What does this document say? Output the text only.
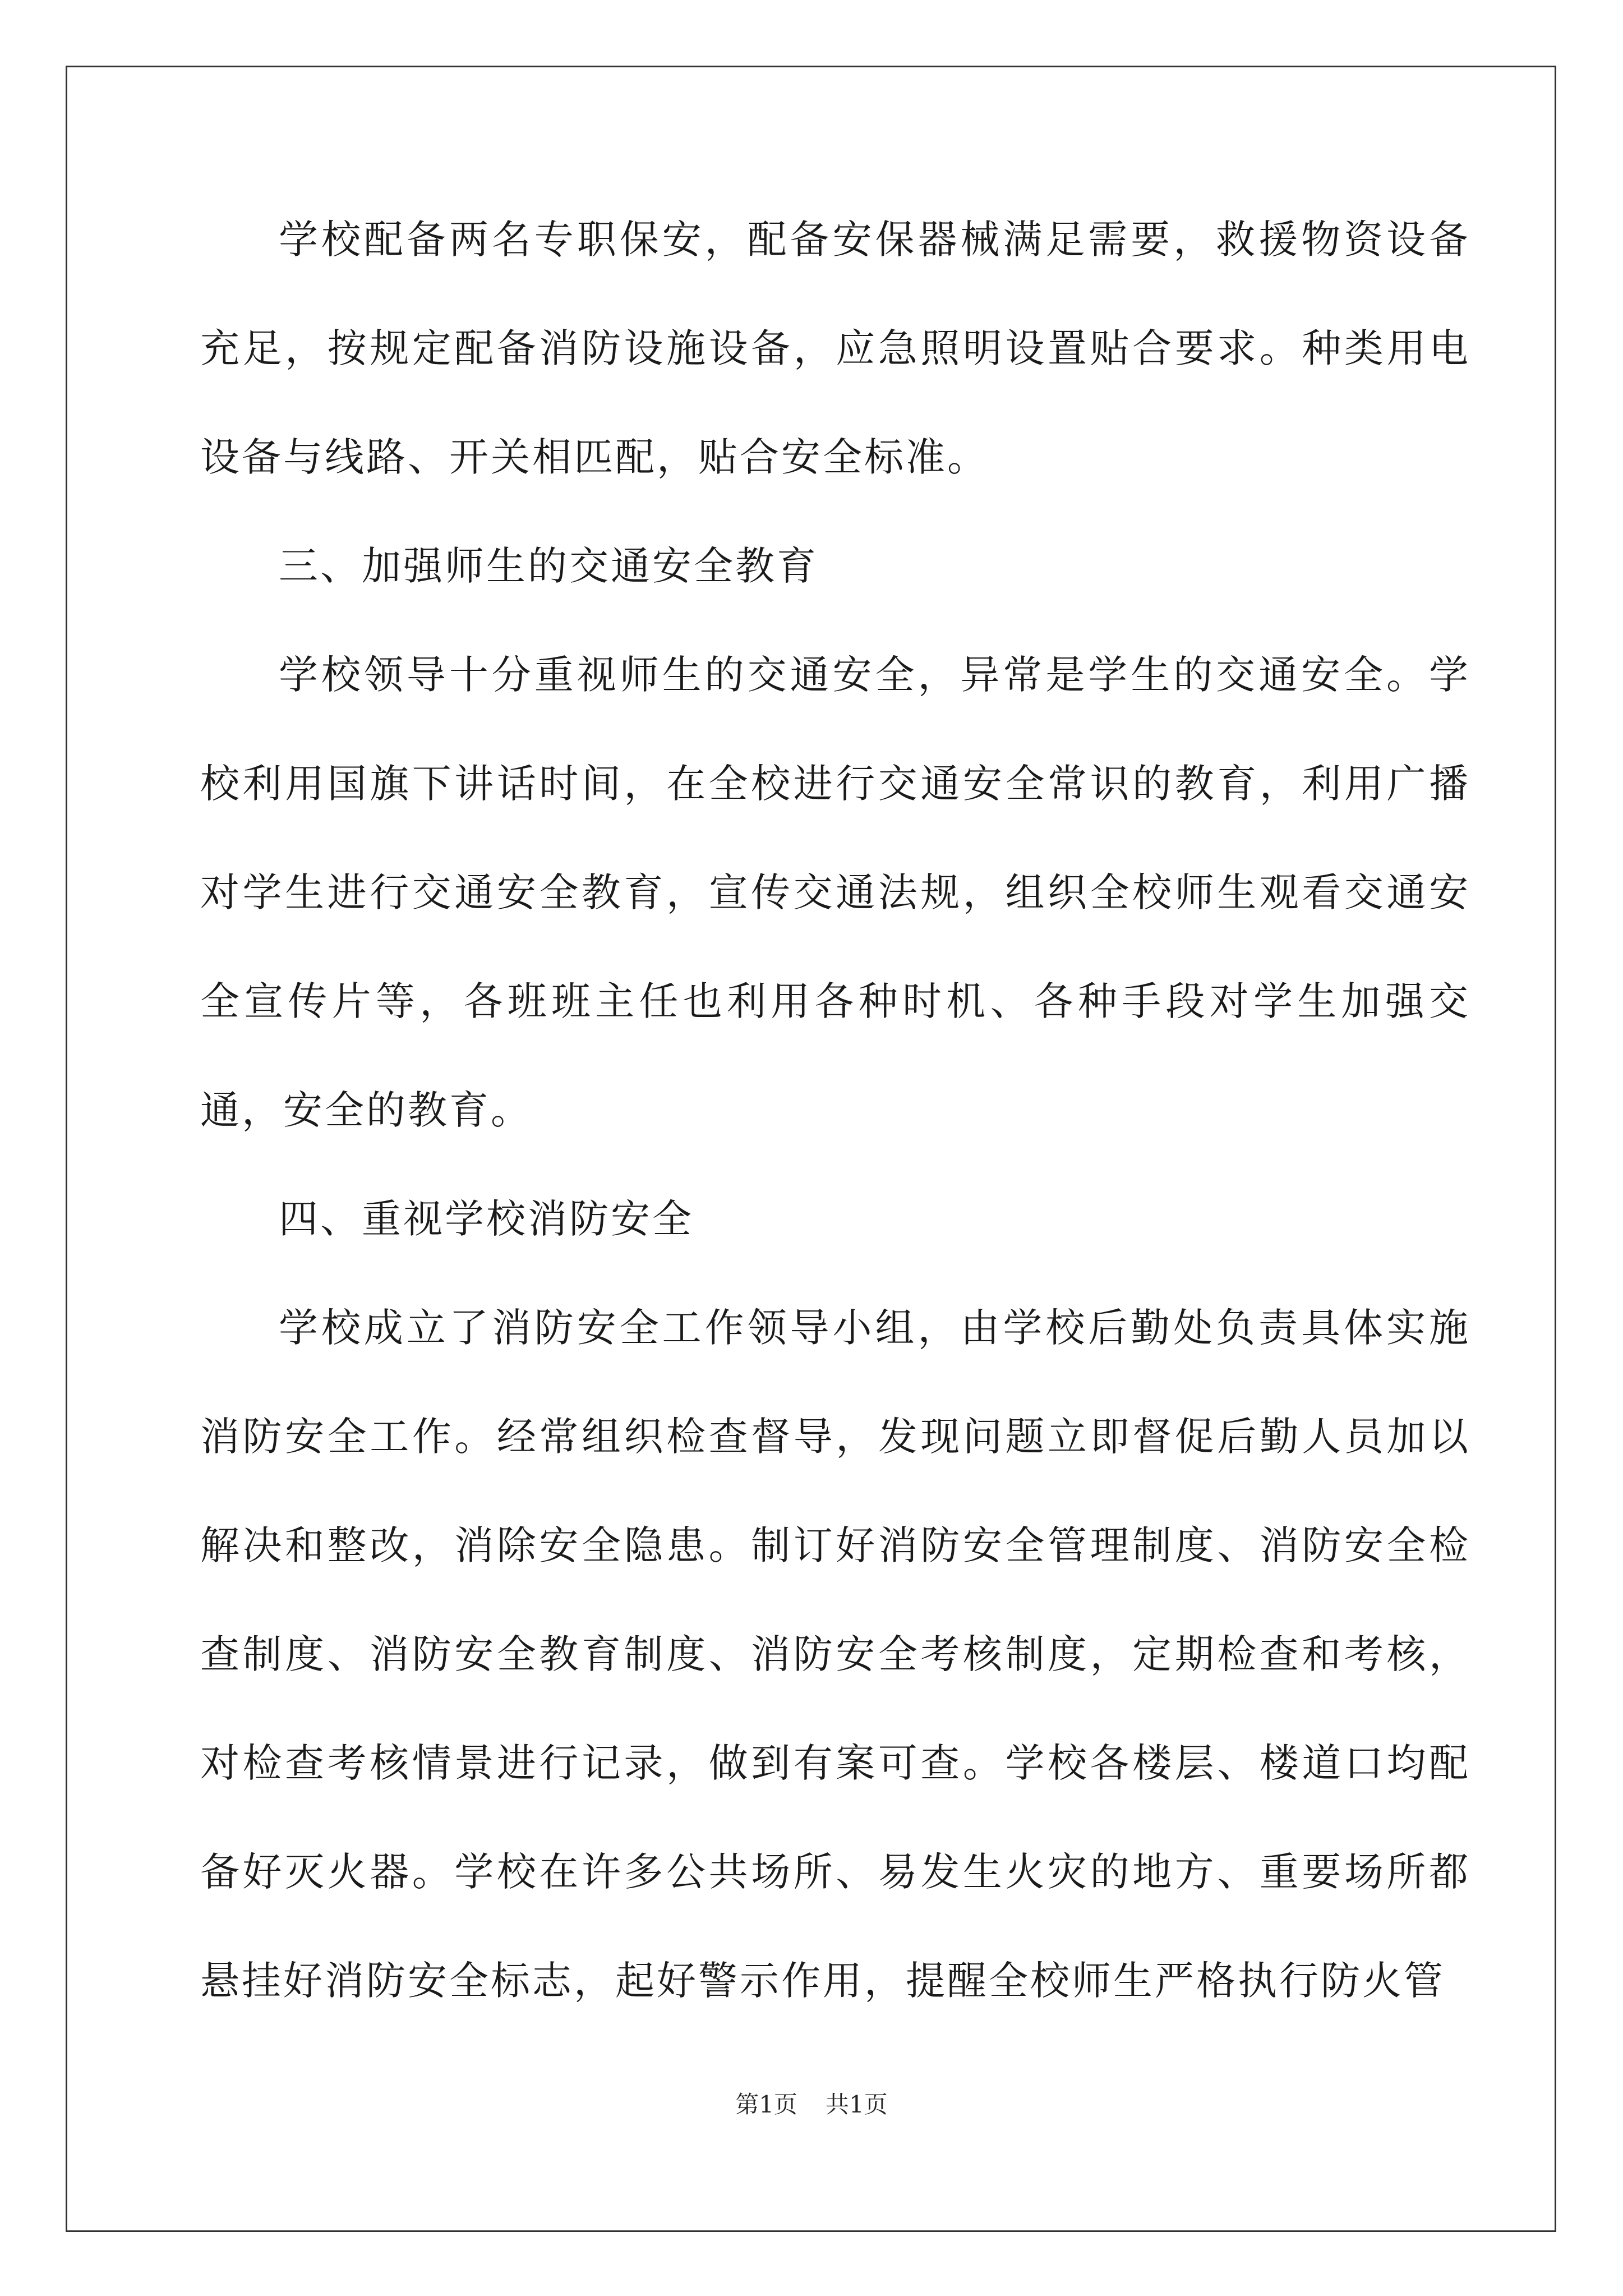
学校配备两名专职保安，配备安保器械满足需要，救援物资设备充足，按规定配备消防设施设备，应急照明设置贴合要求。种类用电设备与线路、开关相匹配，贴合安全标准。

三、加强师生的交通安全教育

学校领导十分重视师生的交通安全，异常是学生的交通安全。学校利用国旗下讲话时间，在全校进行交通安全常识的教育，利用广播对学生进行交通安全教育，宣传交通法规，组织全校师生观看交通安全宣传片等，各班班主任也利用各种时机、各种手段对学生加强交通，安全的教育。

四、重视学校消防安全

学校成立了消防安全工作领导小组，由学校后勤处负责具体实施消防安全工作。经常组织检查督导，发现问题立即督促后勤人员加以解决和整改，消除安全隐患。制订好消防安全管理制度、消防安全检查制度、消防安全教育制度、消防安全考核制度，定期检查和考核，对检查考核情景进行记录，做到有案可查。学校各楼层、楼道口均配备好灭火器。学校在许多公共场所、易发生火灾的地方、重要场所都悬挂好消防安全标志，起好警示作用，提醒全校师生严格执行防火管

第1页 共1页
